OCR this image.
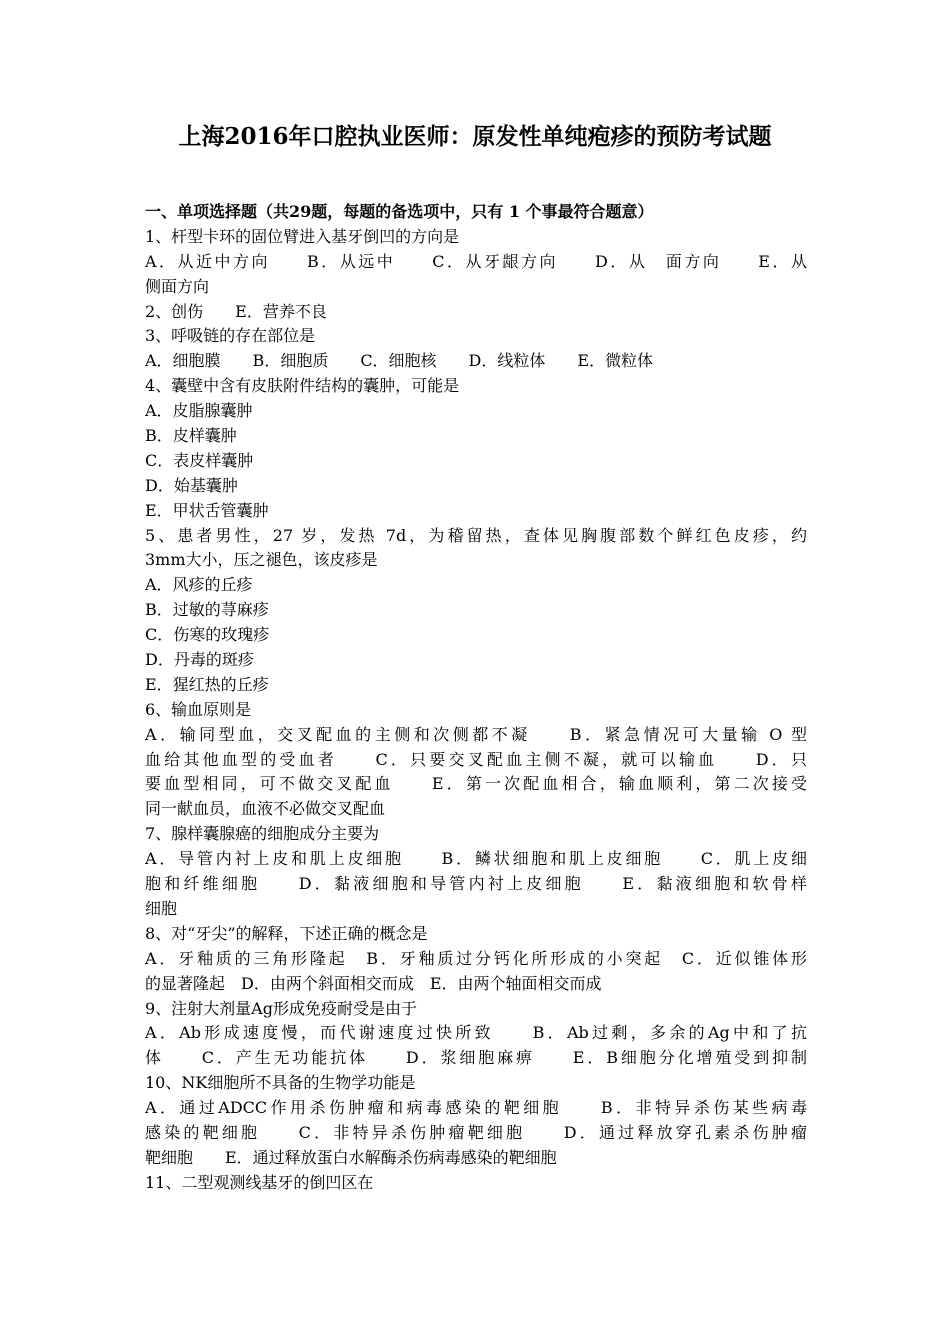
上海2016年口腔执业医师：原发性单纯疱疹的预防考试题
一、单项选择题（共29题，每题的备选项中，只有 1 个事最符合题意）
1、杆型卡环的固位臂进入基牙倒凹的方向是
A．从近中方向　　B．从远中　　C．从牙龈方向　　D．从　面方向　　E．从
侧面方向
2、创伤　　E．营养不良
3、呼吸链的存在部位是
A．细胞膜　　B．细胞质　　C．细胞核　　D．线粒体　　E．微粒体
4、囊壁中含有皮肤附件结构的囊肿，可能是
A．皮脂腺囊肿
B．皮样囊肿
C．表皮样囊肿
D．始基囊肿
E．甲状舌管囊肿
5、患者男性，27 岁，发热 7d，为稽留热，查体见胸腹部数个鲜红色皮疹，约
3mm大小，压之褪色，该皮疹是
A．风疹的丘疹
B．过敏的荨麻疹
C．伤寒的玫瑰疹
D．丹毒的斑疹
E．猩红热的丘疹
6、输血原则是
A．输同型血，交叉配血的主侧和次侧都不凝　　B．紧急情况可大量输 O 型
血给其他血型的受血者　　C．只要交叉配血主侧不凝，就可以输血　　D．只
要血型相同，可不做交叉配血　　E．第一次配血相合，输血顺利，第二次接受
同一献血员，血液不必做交叉配血
7、腺样囊腺癌的细胞成分主要为
A．导管内衬上皮和肌上皮细胞　　B．鳞状细胞和肌上皮细胞　　C．肌上皮细
胞和纤维细胞　　D．黏液细胞和导管内衬上皮细胞　　E．黏液细胞和软骨样
细胞
8、对“牙尖”的解释，下述正确的概念是
A．牙釉质的三角形隆起　B．牙釉质过分钙化所形成的小突起　C．近似锥体形
的显著隆起　D．由两个斜面相交而成　E．由两个轴面相交而成
9、注射大剂量Ag形成免疫耐受是由于
A．Ab形成速度慢，而代谢速度过快所致　　B．Ab过剩，多余的Ag中和了抗
体　　C．产生无功能抗体　　D．浆细胞麻痹　　E．B细胞分化增殖受到抑制
10、NK细胞所不具备的生物学功能是
A．通过ADCC作用杀伤肿瘤和病毒感染的靶细胞　　B．非特异杀伤某些病毒
感染的靶细胞　　C．非特异杀伤肿瘤靶细胞　　D．通过释放穿孔素杀伤肿瘤
靶细胞　　E．通过释放蛋白水解酶杀伤病毒感染的靶细胞
11、二型观测线基牙的倒凹区在
